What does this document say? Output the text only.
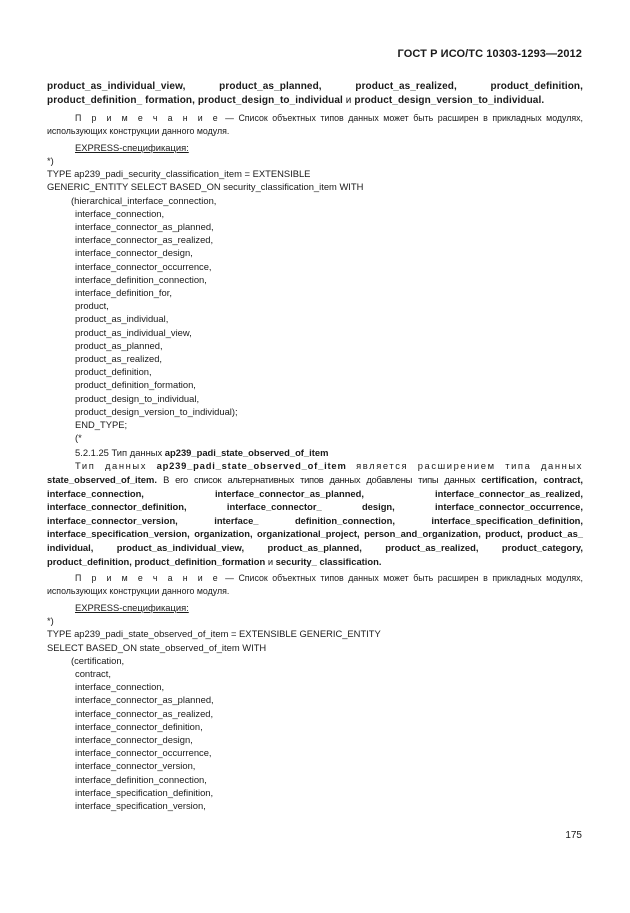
ГОСТ Р ИСО/ТС 10303-1293—2012
product_as_individual_view, product_as_planned, product_as_realized, product_definition, product_definition_ formation, product_design_to_individual и product_design_version_to_individual.
П р и м е ч а н и е — Список объектных типов данных может быть расширен в прикладных модулях, использующих конструкции данного модуля.
EXPRESS-спецификация:
*)
TYPE ap239_padi_security_classification_item = EXTENSIBLE
GENERIC_ENTITY SELECT BASED_ON security_classification_item WITH
(hierarchical_interface_connection,
interface_connection,
interface_connector_as_planned,
interface_connector_as_realized,
interface_connector_design,
interface_connector_occurrence,
interface_definition_connection,
interface_definition_for,
product,
product_as_individual,
product_as_individual_view,
product_as_planned,
product_as_realized,
product_definition,
product_definition_formation,
product_design_to_individual,
product_design_version_to_individual);
END_TYPE;
(*
5.2.1.25 Тип данных ap239_padi_state_observed_of_item
Тип данных ap239_padi_state_observed_of_item является расширением типа данных state_observed_of_item. В его список альтернативных типов данных добавлены типы данных certification, contract, interface_connection, interface_connector_as_planned, interface_connector_as_realized, interface_connector_definition, interface_connector_ design, interface_connector_occurrence, interface_connector_version, interface_ definition_connection, interface_specification_definition, interface_specification_version, organization, organizational_project, person_and_organization, product, product_as_ individual, product_as_individual_view, product_as_planned, product_as_realized, product_category, product_definition, product_definition_formation и security_ classification.
П р и м е ч а н и е — Список объектных типов данных может быть расширен в прикладных модулях, использующих конструкции данного модуля.
EXPRESS-спецификация:
*)
TYPE ap239_padi_state_observed_of_item = EXTENSIBLE GENERIC_ENTITY
SELECT BASED_ON state_observed_of_item WITH
(certification,
contract,
interface_connection,
interface_connector_as_planned,
interface_connector_as_realized,
interface_connector_definition,
interface_connector_design,
interface_connector_occurrence,
interface_connector_version,
interface_definition_connection,
interface_specification_definition,
interface_specification_version,
175
